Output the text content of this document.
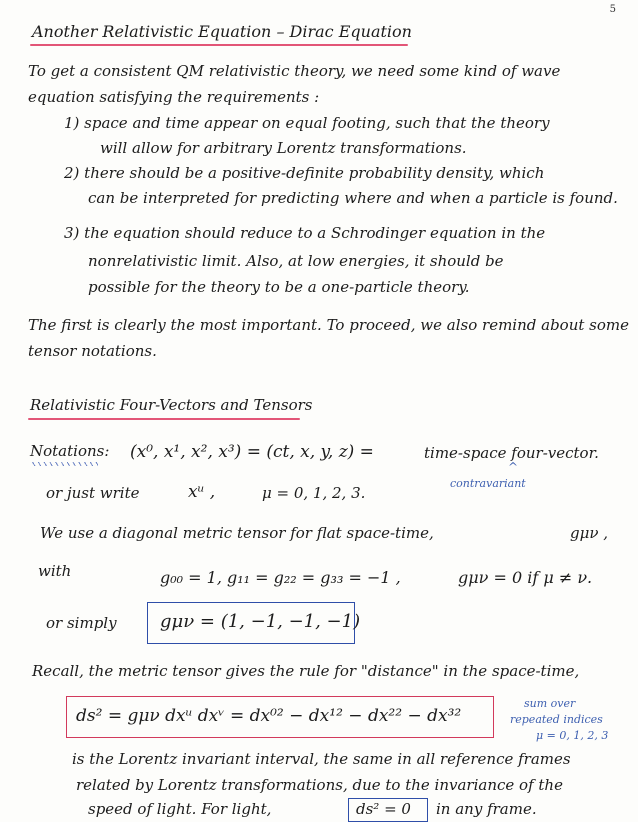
5
Another Relativistic Equation – Dirac Equation
To get a consistent QM relativistic theory, we need some kind of wave
equation satisfying the requirements :
1) space and time appear on equal footing, such that the theory
will allow for arbitrary Lorentz transformations.
2) there should be a positive-definite probability density, which
can be interpreted for predicting where and when a particle is found.
3) the equation should reduce to a Schrodinger equation in the
nonrelativistic limit. Also, at low energies, it should be
possible for the theory to be a one-particle theory.
The first is clearly the most important. To proceed, we also remind about some
tensor notations.
Relativistic Four-Vectors and Tensors
Notations: (x⁰, x¹, x², x³) = (ct, x, y, z) =	time-space four-vector.
or just write	xᵘ ,	μ = 0, 1, 2, 3.
^
contravariant
We use a diagonal metric tensor for flat space-time,	gμν ,
with	g₀₀ = 1, g₁₁ = g₂₂ = g₃₃ = −1 ,	gμν = 0 if μ ≠ ν.
or simply gμν = (1, −1, −1, −1)
Recall, the metric tensor gives the rule for "distance" in the space-time,
ds² = gμν dxᵘ dxᵛ = dx⁰² − dx¹² − dx²² − dx³²
sum over
repeated indices
μ = 0, 1, 2, 3
is the Lorentz invariant interval, the same in all reference frames
related by Lorentz transformations, due to the invariance of the
speed of light. For light,	ds² = 0 in any frame.
